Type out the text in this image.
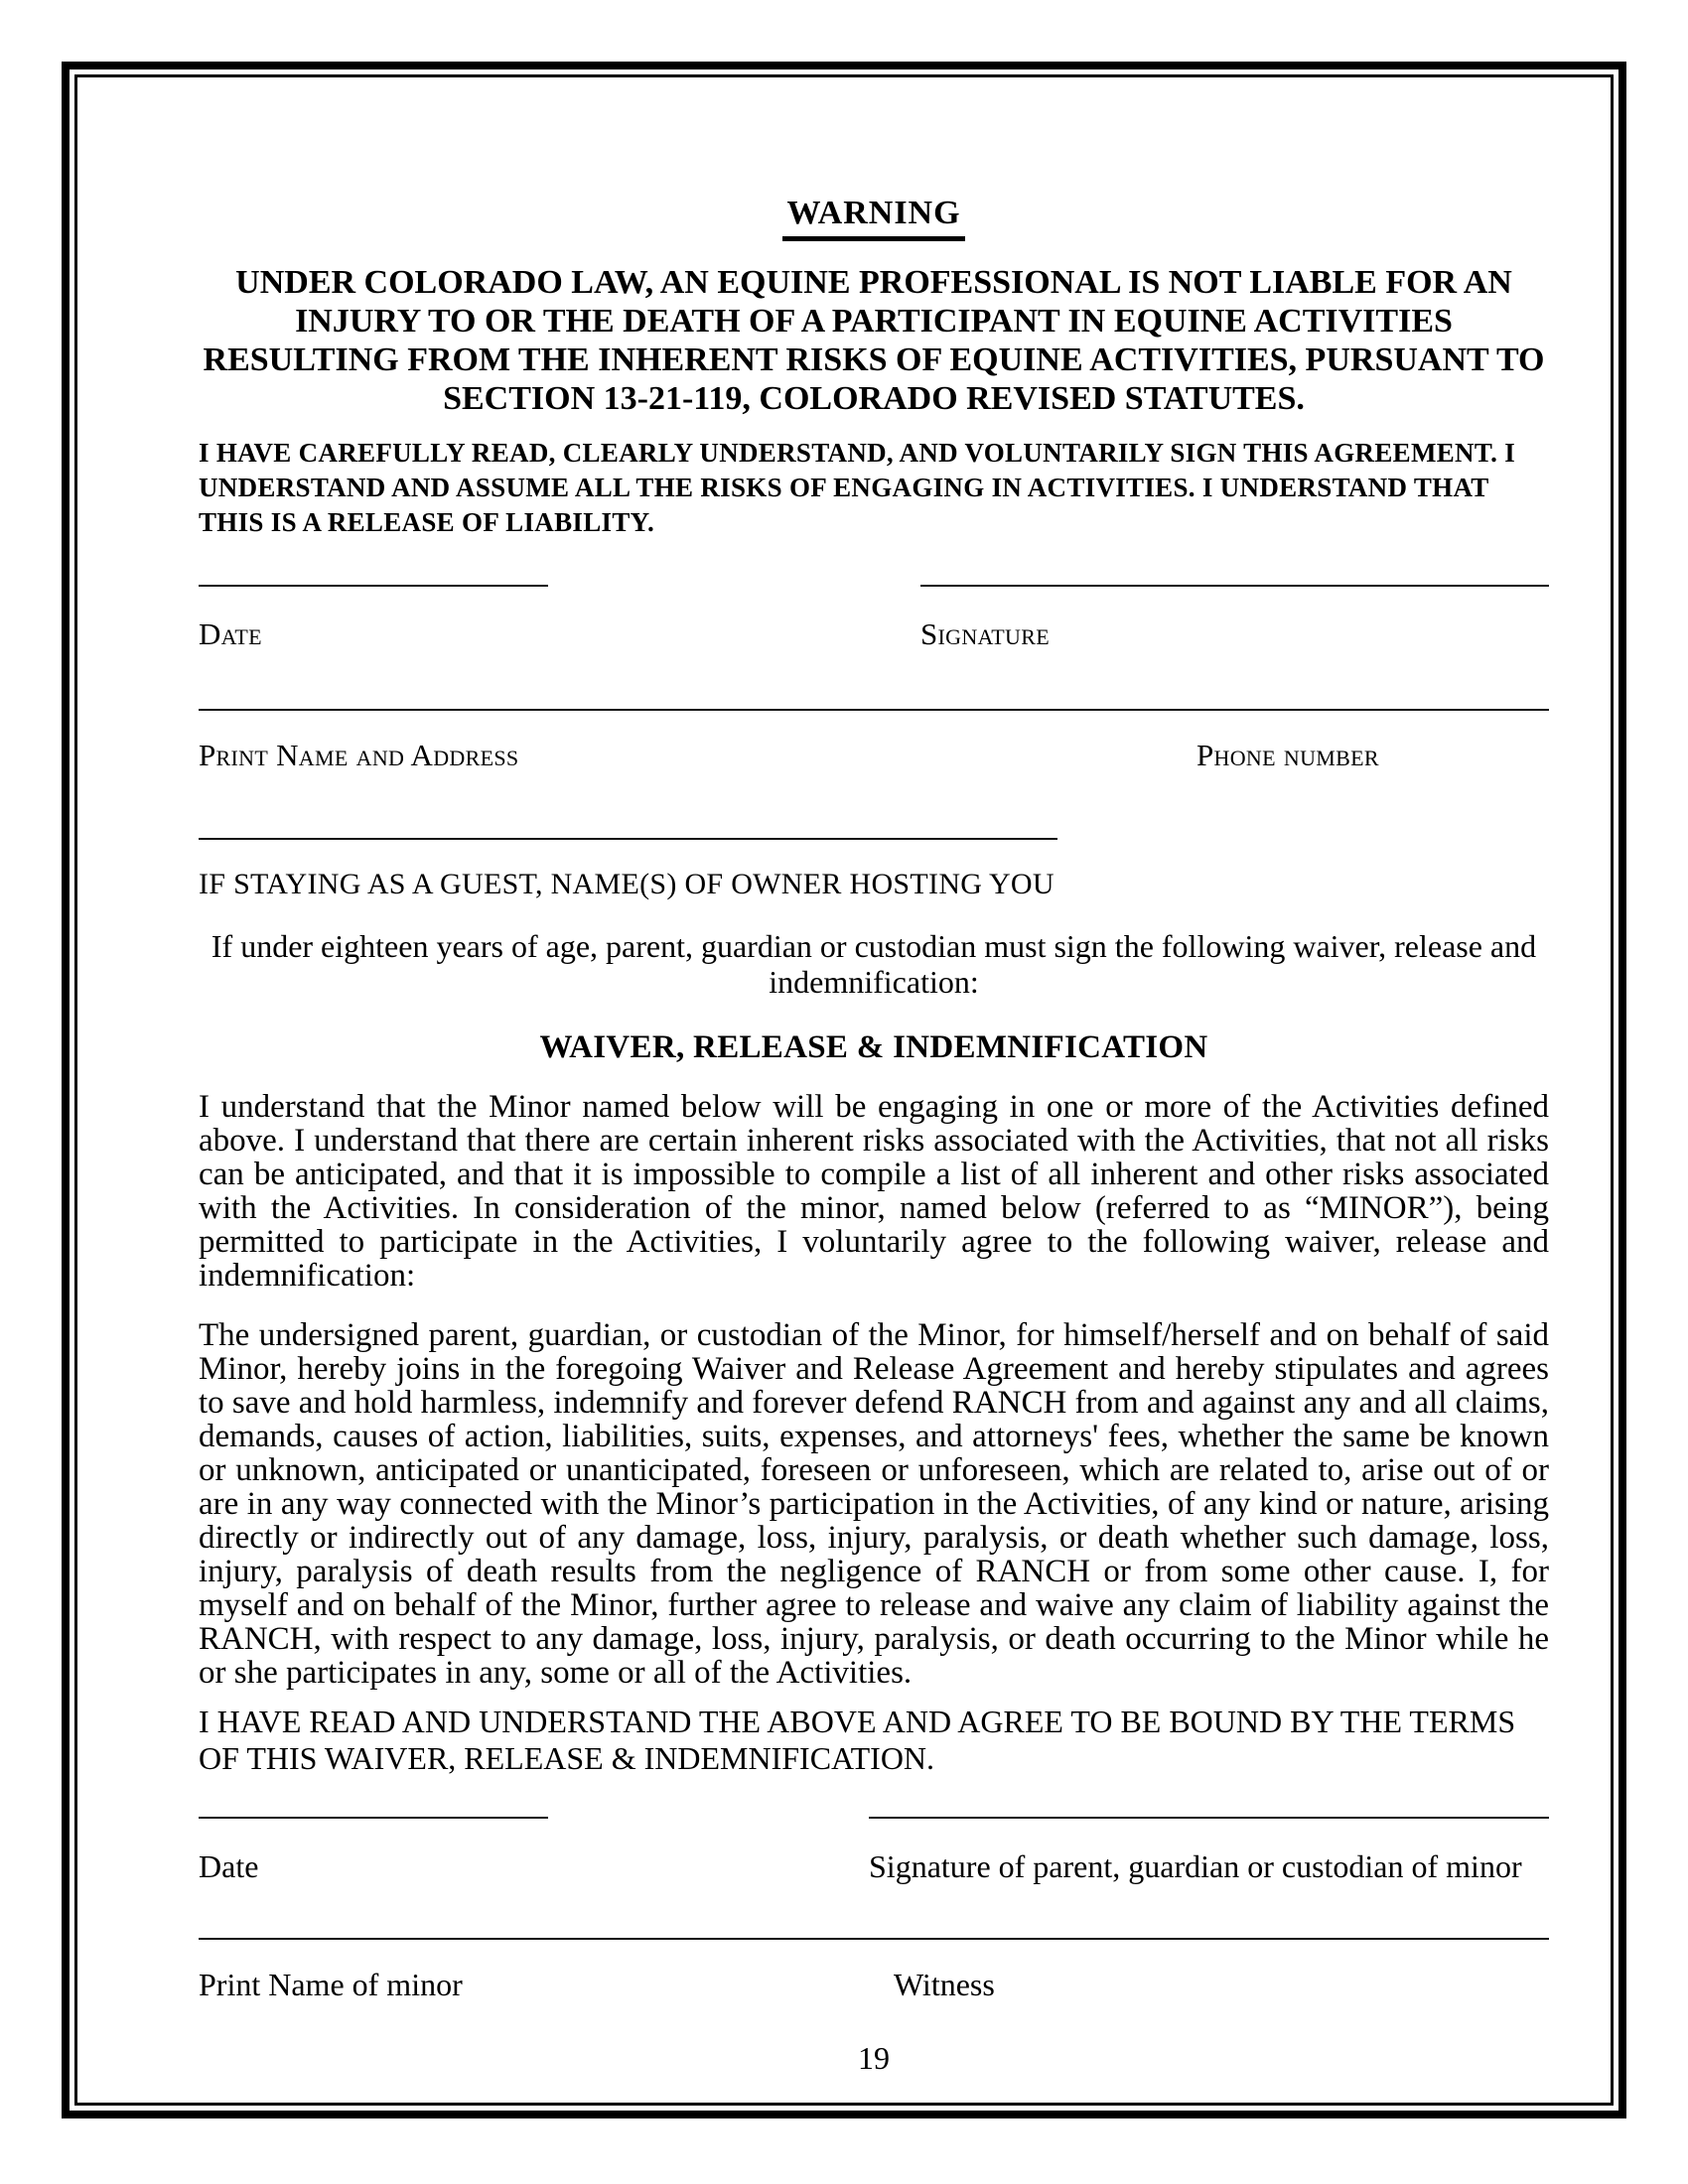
WARNING

UNDER COLORADO LAW, AN EQUINE PROFESSIONAL IS NOT LIABLE FOR AN INJURY TO OR THE DEATH OF A PARTICIPANT IN EQUINE ACTIVITIES RESULTING FROM THE INHERENT RISKS OF EQUINE ACTIVITIES, PURSUANT TO SECTION 13-21-119, COLORADO REVISED STATUTES.

I HAVE CAREFULLY READ, CLEARLY UNDERSTAND, AND VOLUNTARILY SIGN THIS AGREEMENT. I UNDERSTAND AND ASSUME ALL THE RISKS OF ENGAGING IN ACTIVITIES. I UNDERSTAND THAT THIS IS A RELEASE OF LIABILITY.

Date	Signature
Print Name and Address	Phone number
IF STAYING AS A GUEST, NAME(S) OF OWNER HOSTING YOU

If under eighteen years of age, parent, guardian or custodian must sign the following waiver, release and indemnification:

WAIVER, RELEASE & INDEMNIFICATION

I understand that the Minor named below will be engaging in one or more of the Activities defined above. I understand that there are certain inherent risks associated with the Activities, that not all risks can be anticipated, and that it is impossible to compile a list of all inherent and other risks associated with the Activities. In consideration of the minor, named below (referred to as “MINOR”), being permitted to participate in the Activities, I voluntarily agree to the following waiver, release and indemnification:

The undersigned parent, guardian, or custodian of the Minor, for himself/herself and on behalf of said Minor, hereby joins in the foregoing Waiver and Release Agreement and hereby stipulates and agrees to save and hold harmless, indemnify and forever defend RANCH from and against any and all claims, demands, causes of action, liabilities, suits, expenses, and attorneys' fees, whether the same be known or unknown, anticipated or unanticipated, foreseen or unforeseen, which are related to, arise out of or are in any way connected with the Minor’s participation in the Activities, of any kind or nature, arising directly or indirectly out of any damage, loss, injury, paralysis, or death whether such damage, loss, injury, paralysis of death results from the negligence of RANCH or from some other cause. I, for myself and on behalf of the Minor, further agree to release and waive any claim of liability against the RANCH, with respect to any damage, loss, injury, paralysis, or death occurring to the Minor while he or she participates in any, some or all of the Activities.

I HAVE READ AND UNDERSTAND THE ABOVE AND AGREE TO BE BOUND BY THE TERMS OF THIS WAIVER, RELEASE & INDEMNIFICATION.

Date	Signature of parent, guardian or custodian of minor
Print Name of minor	Witness
19
